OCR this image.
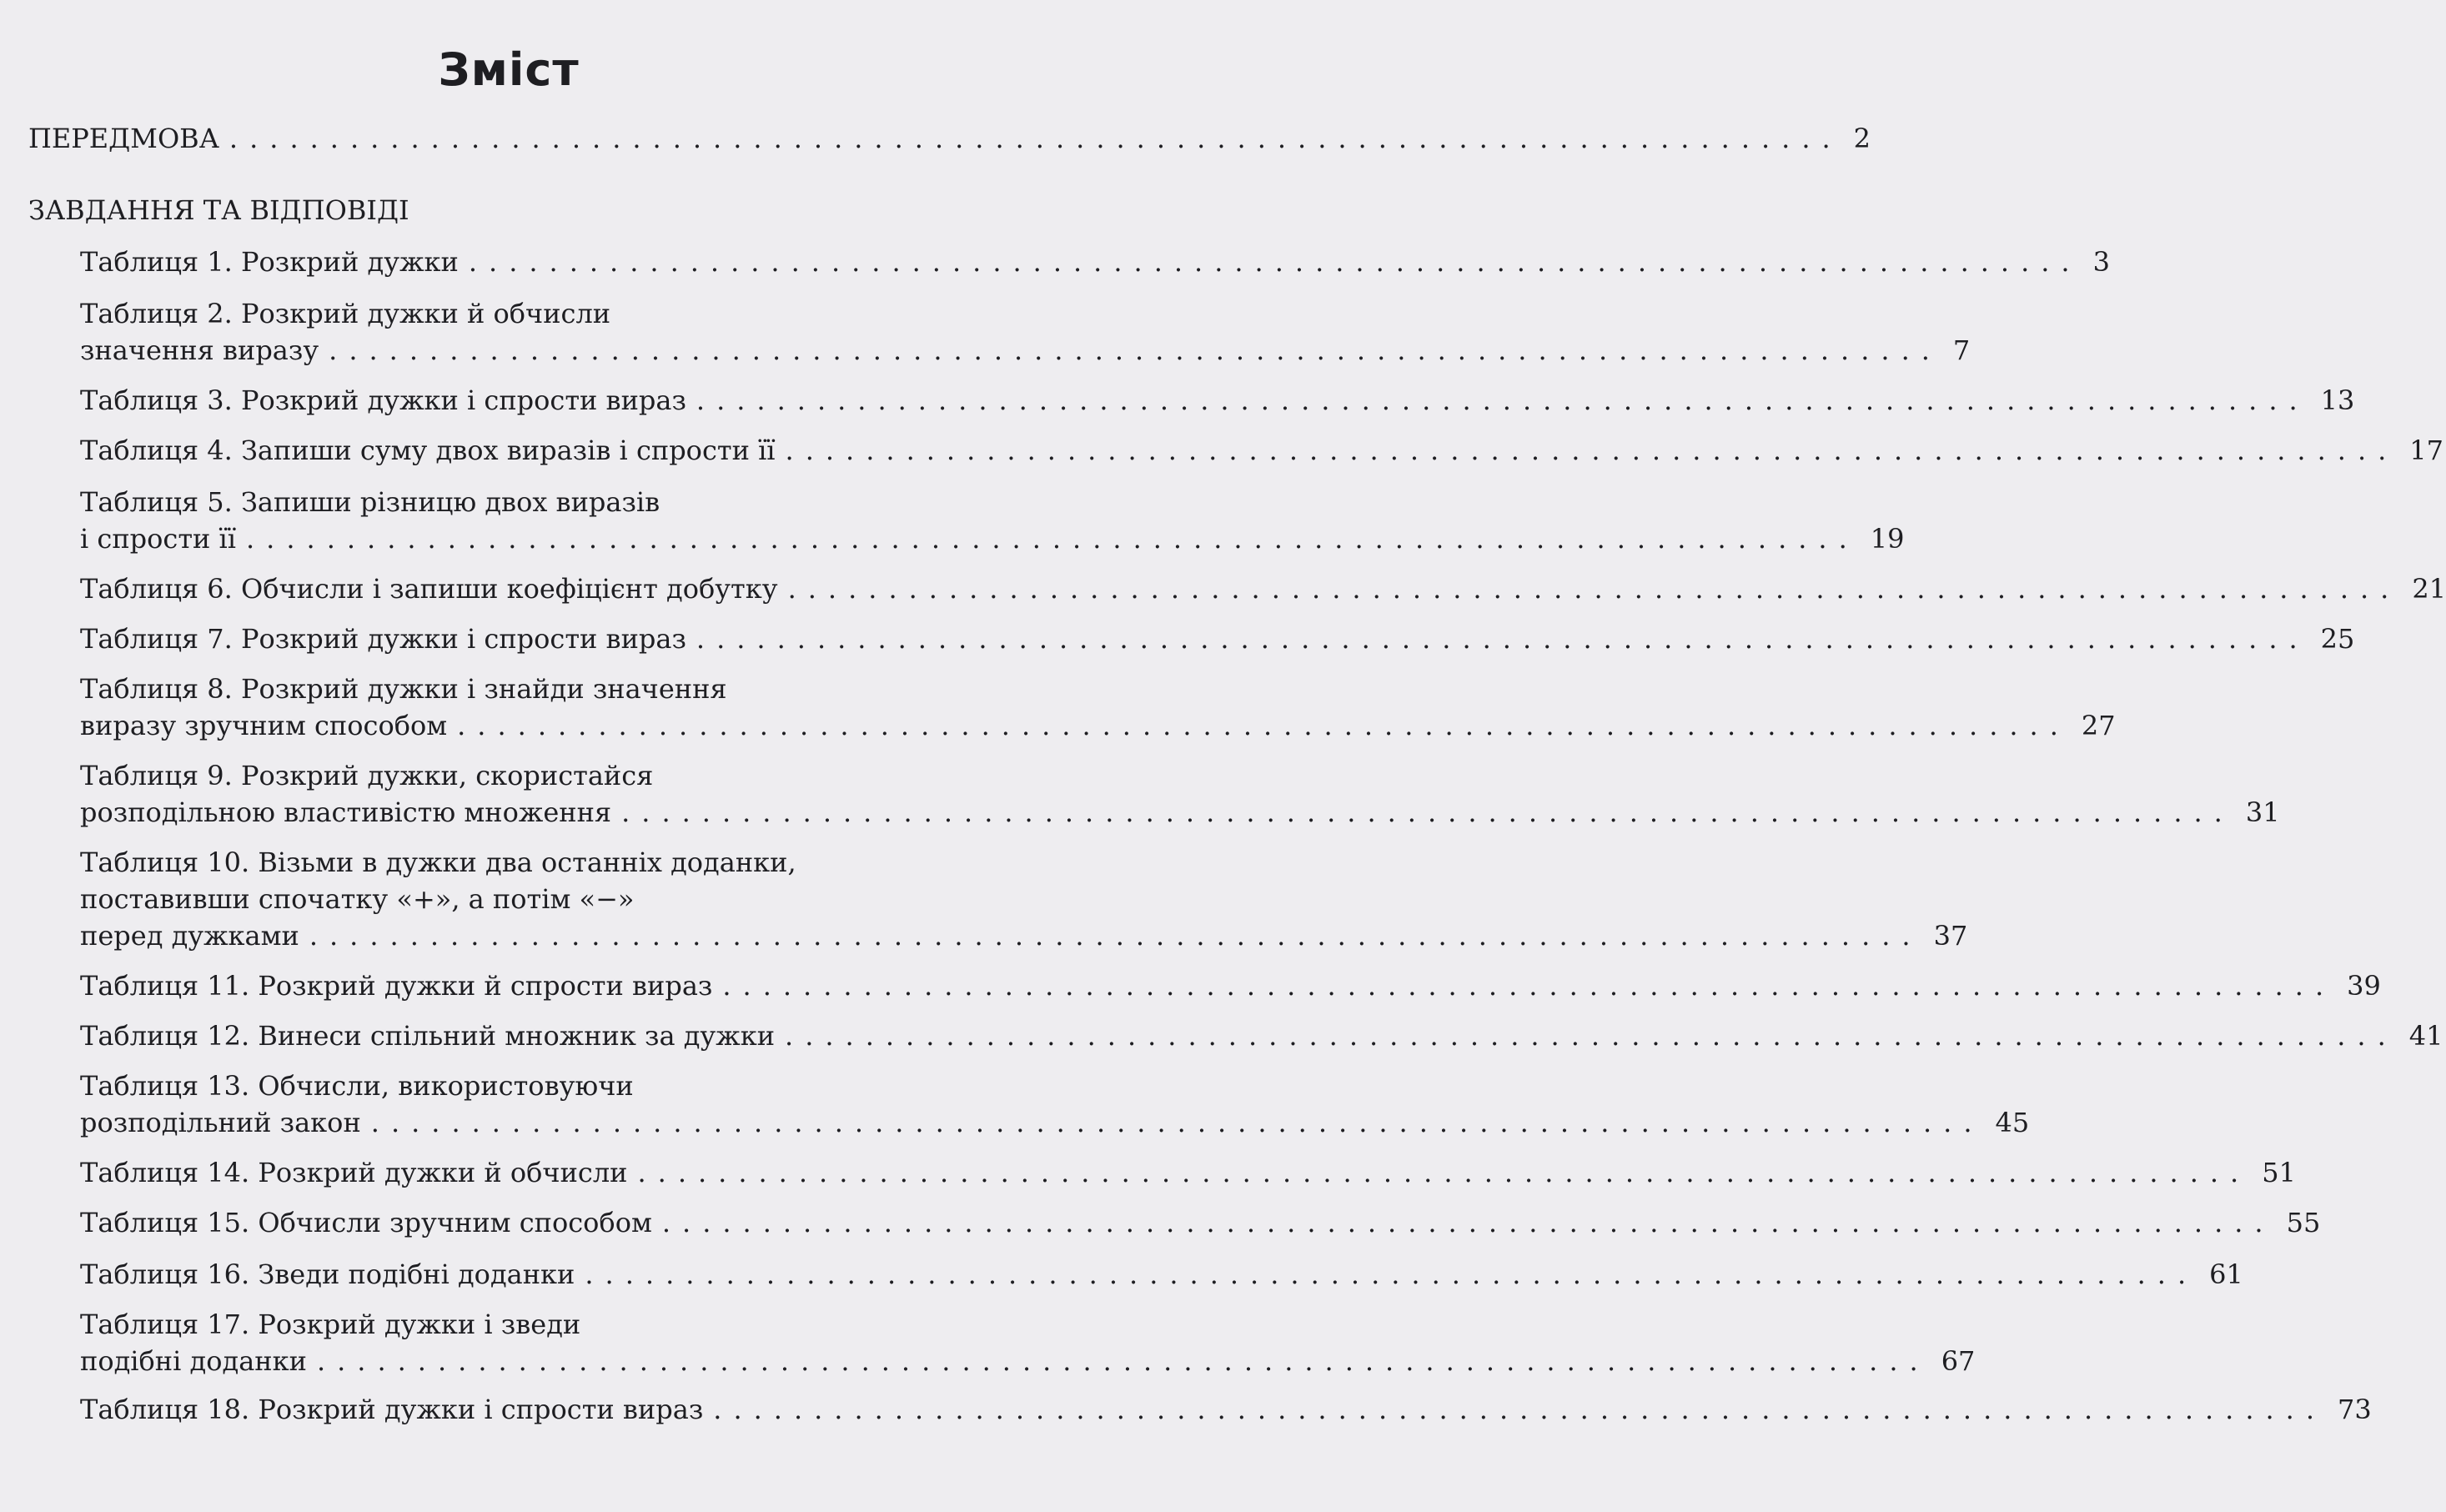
Зміст
ПЕРЕДМОВА ................................................................................ 2
ЗАВДАННЯ ТА ВІДПОВІДІ
Таблиця 1. Розкрий дужки ................................................................................ 3
Таблиця 2. Розкрий дужки й обчисли
значення виразу ................................................................................ 7
Таблиця 3. Розкрий дужки і спрости вираз ................................................................................ 13
Таблиця 4. Запиши суму двох виразів і спрости її ................................................................................ 17
Таблиця 5. Запиши різницю двох виразів
і спрости її ................................................................................ 19
Таблиця 6. Обчисли і запиши коефіцієнт добутку ................................................................................ 21
Таблиця 7. Розкрий дужки і спрости вираз ................................................................................ 25
Таблиця 8. Розкрий дужки і знайди значення
виразу зручним способом ................................................................................ 27
Таблиця 9. Розкрий дужки, скористайся
розподільною властивістю множення ................................................................................ 31
Таблиця 10. Візьми в дужки два останніх доданки,
поставивши спочатку «+», а потім «−»
перед дужками ................................................................................ 37
Таблиця 11. Розкрий дужки й спрости вираз ................................................................................ 39
Таблиця 12. Винеси спільний множник за дужки ................................................................................ 41
Таблиця 13. Обчисли, використовуючи
розподільний закон ................................................................................ 45
Таблиця 14. Розкрий дужки й обчисли ................................................................................ 51
Таблиця 15. Обчисли зручним способом ................................................................................ 55
Таблиця 16. Зведи подібні доданки ................................................................................ 61
Таблиця 17. Розкрий дужки і зведи
подібні доданки ................................................................................ 67
Таблиця 18. Розкрий дужки і спрости вираз ................................................................................ 73
